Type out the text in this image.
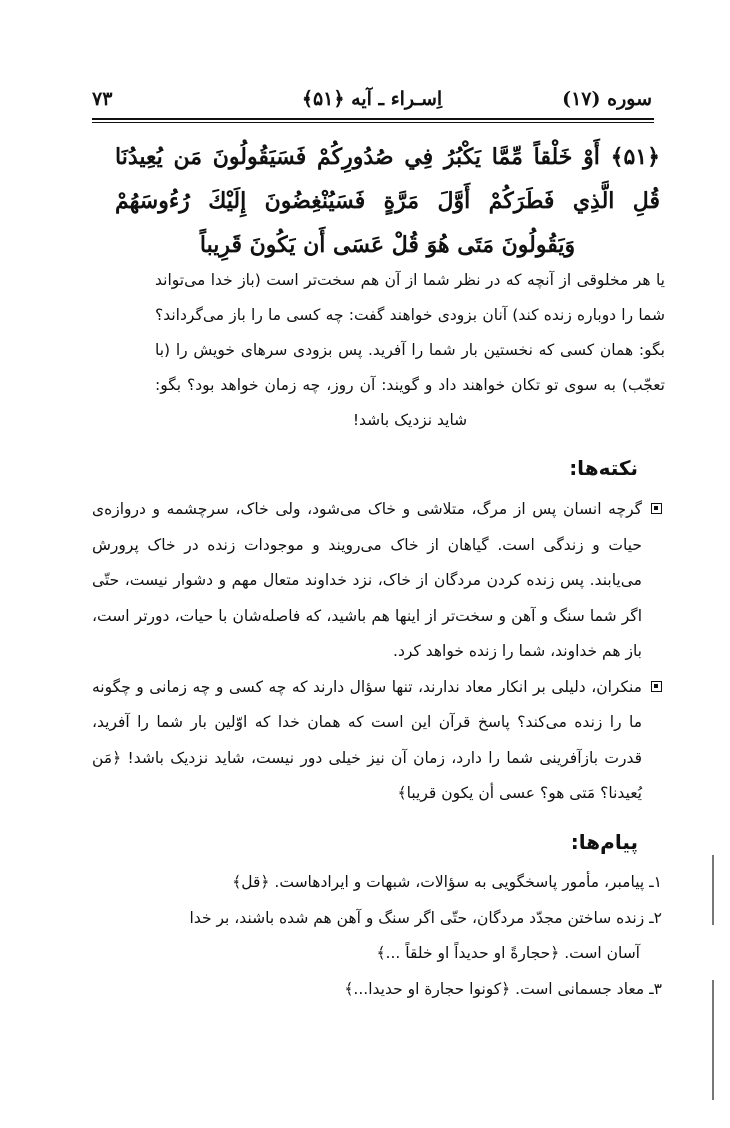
سوره (۱۷)
اِسـراء ـ آیه ﴿۵۱﴾
۷۳
﴿۵۱﴾ أَوْ خَلْقاً مِّمَّا يَكْبُرُ فِي صُدُورِكُمْ فَسَيَقُولُونَ مَن يُعِيدُنَا قُلِ الَّذِي فَطَرَكُمْ أَوَّلَ مَرَّةٍ فَسَيُنْغِضُونَ إِلَيْكَ رُءُوسَهُمْ وَيَقُولُونَ مَتَى هُوَ قُلْ عَسَى أَن يَكُونَ قَرِيباً
یا هر مخلوقی از آنچه که در نظر شما از آن هم سخت‌تر است (باز خدا می‌تواند شما را دوباره زنده کند) آنان بزودی خواهند گفت: چه کسی ما را باز می‌گرداند؟ بگو: همان کسی که نخستین بار شما را آفرید. پس بزودی سرهای خویش را (با تعجّب) به سوی تو تکان خواهند داد و گویند: آن روز، چه زمان خواهد بود؟ بگو: شاید نزدیک باشد!
نکته‌ها:

گرچه انسان پس از مرگ، متلاشی و خاک می‌شود، ولی خاک، سرچشمه و دروازه‌ی حیات و زندگی است. گیاهان از خاک می‌رویند و موجودات زنده در خاک پرورش می‌یابند. پس زنده کردن مردگان از خاک، نزد خداوند متعال مهم و دشوار نیست، حتّی اگر شما سنگ و آهن و سخت‌تر از اینها هم باشید، که فاصله‌شان با حیات، دورتر است، باز هم خداوند، شما را زنده خواهد کرد.

منکران، دلیلی بر انکار معاد ندارند، تنها سؤال دارند که چه کسی و چه زمانی و چگونه ما را زنده می‌کند؟ پاسخ قرآن این است که همان خدا که اوّلین بار شما را آفرید، قدرت بازآفرینی شما را دارد، زمان آن نیز خیلی دور نیست، شاید نزدیک باشد! ﴿مَن يُعيدنا؟ مَتى هو؟ عسى أن يكون قريبا﴾

پیام‌ها:

۱ـ پیامبر، مأمور پاسخگویی به سؤالات، شبهات و ایرادهاست. ﴿قل﴾

۲ـ زنده ساختن مجدّد مردگان، حتّی اگر سنگ و آهن هم شده باشند، بر خدا

آسان است. ﴿حجارةً او حديداً او خلقاً ...﴾

۳ـ معاد جسمانی است. ﴿كونوا حجارة او حديدا...﴾
